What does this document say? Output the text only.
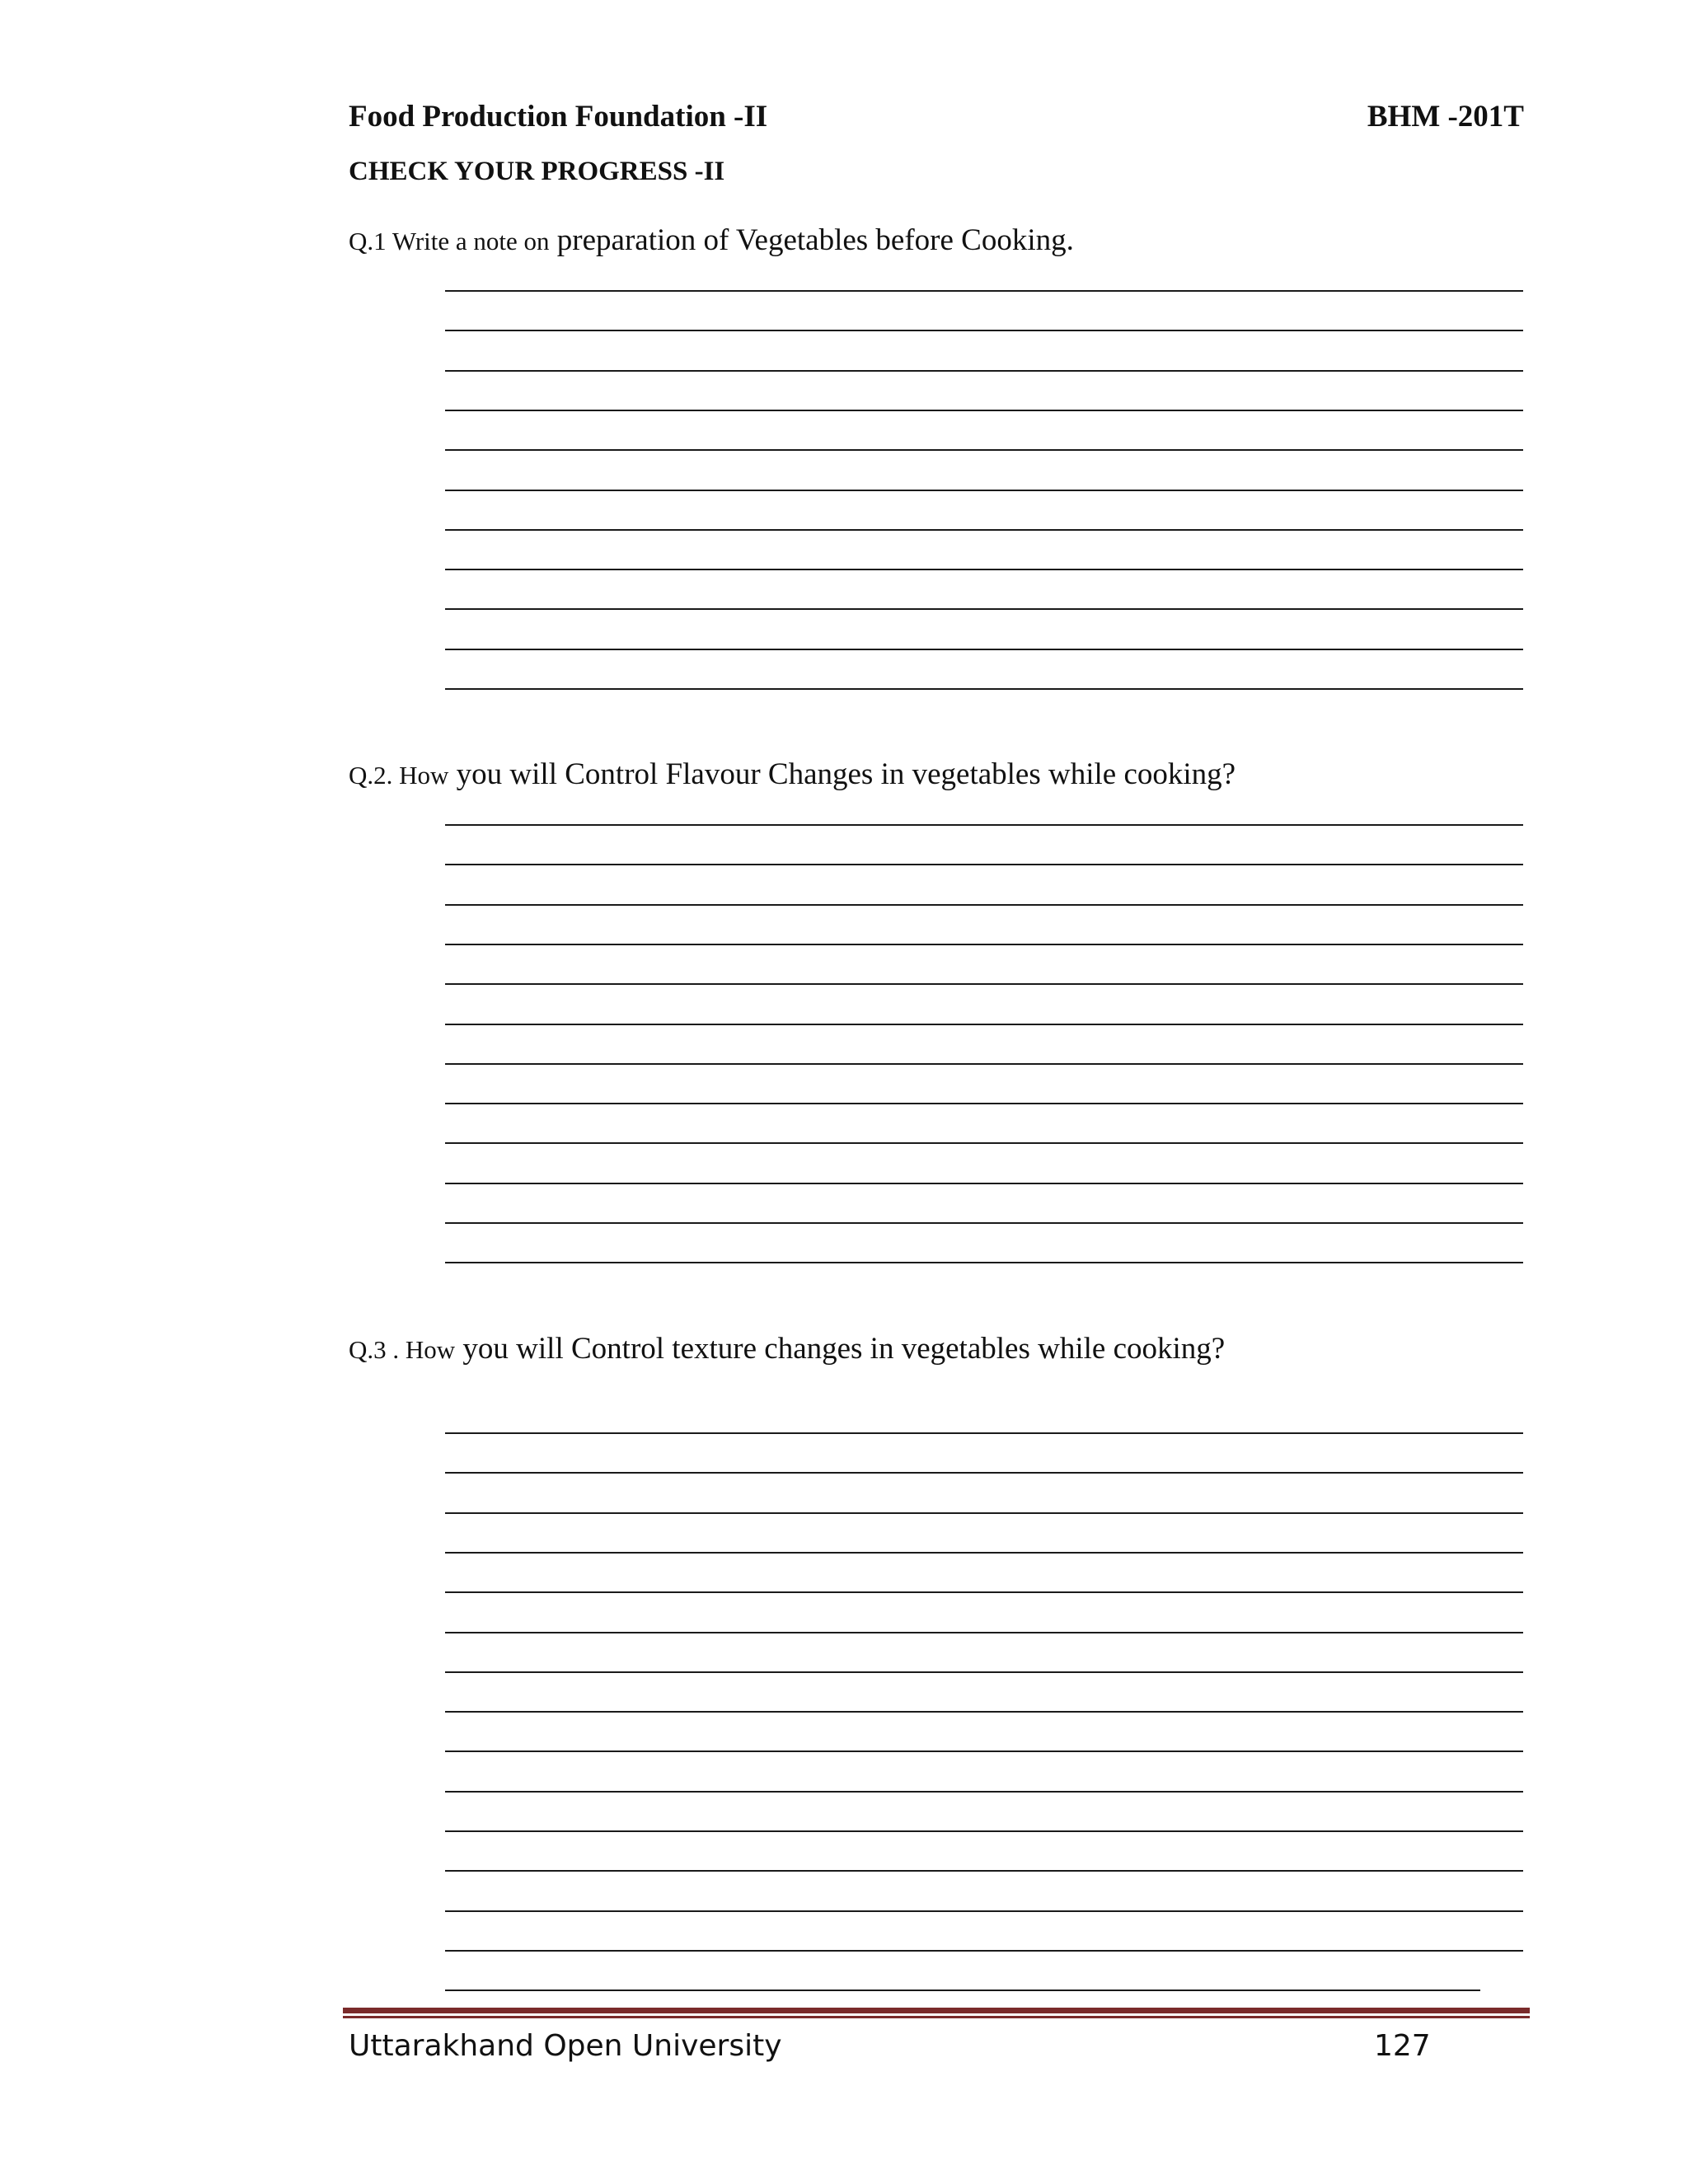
Food Production Foundation -II	BHM -201T
CHECK YOUR PROGRESS -II
Q.1 Write a note on preparation of Vegetables before Cooking.
Q.2. How you will Control Flavour Changes in vegetables while cooking?
Q.3 . How you will Control texture changes in vegetables while cooking?
Uttarakhand Open University	127
